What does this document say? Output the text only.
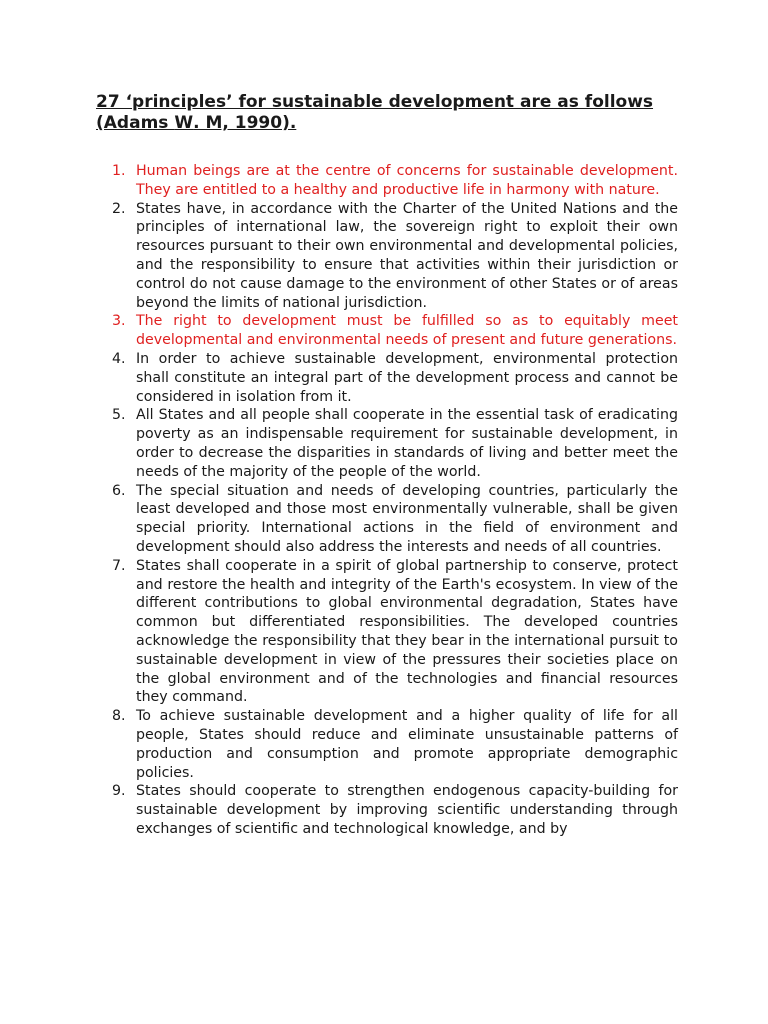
27 ‘principles’ for sustainable development are as follows
(Adams W. M, 1990).
1. Human beings are at the centre of concerns for sustainable development. They are entitled to a healthy and productive life in harmony with nature.
2. States have, in accordance with the Charter of the United Nations and the principles of international law, the sovereign right to exploit their own resources pursuant to their own environmental and developmental policies, and the responsibility to ensure that activities within their jurisdiction or control do not cause damage to the environment of other States or of areas beyond the limits of national jurisdiction.
3. The right to development must be fulfilled so as to equitably meet developmental and environmental needs of present and future generations.
4. In order to achieve sustainable development, environmental protection shall constitute an integral part of the development process and cannot be considered in isolation from it.
5. All States and all people shall cooperate in the essential task of eradicating poverty as an indispensable requirement for sustainable development, in order to decrease the disparities in standards of living and better meet the needs of the majority of the people of the world.
6. The special situation and needs of developing countries, particularly the least developed and those most environmentally vulnerable, shall be given special priority. International actions in the field of environment and development should also address the interests and needs of all countries.
7. States shall cooperate in a spirit of global partnership to conserve, protect and restore the health and integrity of the Earth's ecosystem. In view of the different contributions to global environmental degradation, States have common but differentiated responsibilities. The developed countries acknowledge the responsibility that they bear in the international pursuit to sustainable development in view of the pressures their societies place on the global environment and of the technologies and financial resources they command.
8. To achieve sustainable development and a higher quality of life for all people, States should reduce and eliminate unsustainable patterns of production and consumption and promote appropriate demographic policies.
9. States should cooperate to strengthen endogenous capacity-building for sustainable development by improving scientific understanding through exchanges of scientific and technological knowledge, and by
